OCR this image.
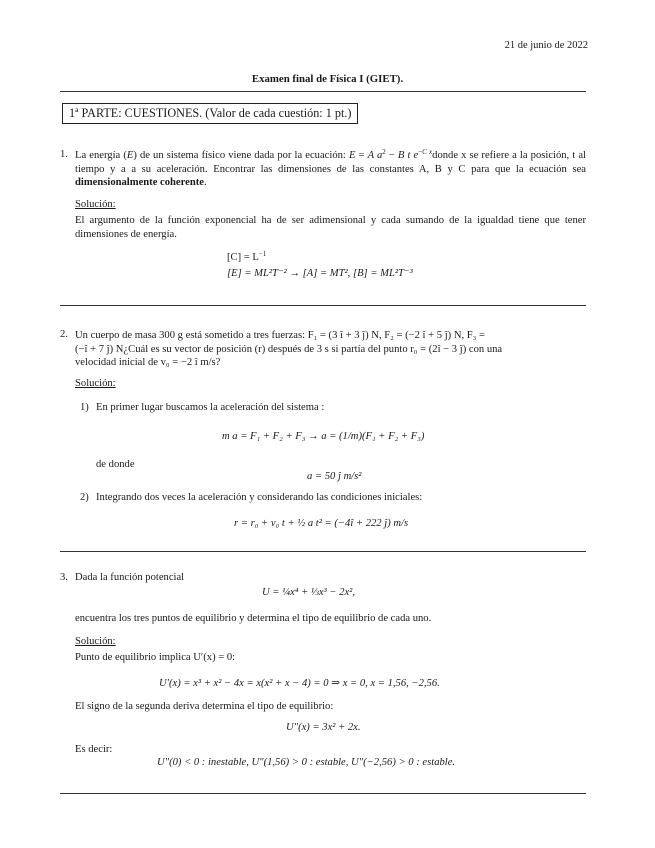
21 de junio de 2022
Examen final de Física I (GIET).
1ª PARTE: CUESTIONES. (Valor de cada cuestión: 1 pt.)
1. La energía (E) de un sistema físico viene dada por la ecuación: E = A $a^2 - B$ t $e^{-C x}donde$ x se refiere a la posición, t al tiempo y a a su aceleración. Encontrar las dimensiones de las constantes A, B y C para que la ecuación sea dimensionalmente coherente.
Solución:
El argumento de la función exponencial ha de ser adimensional y cada sumando de la igualdad tiene que tener dimensiones de energía.
$[C] = L^{-1}$
[E] = ML²T⁻² → [A] = MT², [B] = ML²T⁻³
2. Un cuerpo de masa 300 g está sometido a tres fuerzas: F₁ = (3 î + 3 ĵ) N, F₂ = (−2 î + 5 ĵ) N, F₃ =
(−î + 7 ĵ) N¿Cuál es su vector de posición (r) después de 3 s si partía del punto r₀ = (2î − 3 ĵ) con una
velocidad inicial de v₀ = −2 î m/s?
Solución:
1) En primer lugar buscamos la aceleración del sistema :
m a = F₁ + F₂ + F₃ → a = (1/m)(F₁ + F₂ + F₃)
de donde
a = 50 ĵ m/s²
2) Integrando dos veces la aceleración y considerando las condiciones iniciales:
r = r₀ + v₀ t + ½ a t² = (−4î + 222 ĵ) m/s
3. Dada la función potencial
U = ¼x⁴ + ⅓x³ − 2x²,
encuentra los tres puntos de equilibrio y determina el tipo de equilibrio de cada uno.
Solución:
Punto de equilibrio implica U′(x) = 0:
U′(x) = x³ + x² − 4x = x(x² + x − 4) = 0 ⇒ x = 0, x = 1,56, −2,56.
El signo de la segunda deriva determina el tipo de equilibrio:
U″(x) = 3x² + 2x.
Es decir:
U″(0) < 0 : inestable, U″(1,56) > 0 : estable, U″(−2,56) > 0 : estable.
